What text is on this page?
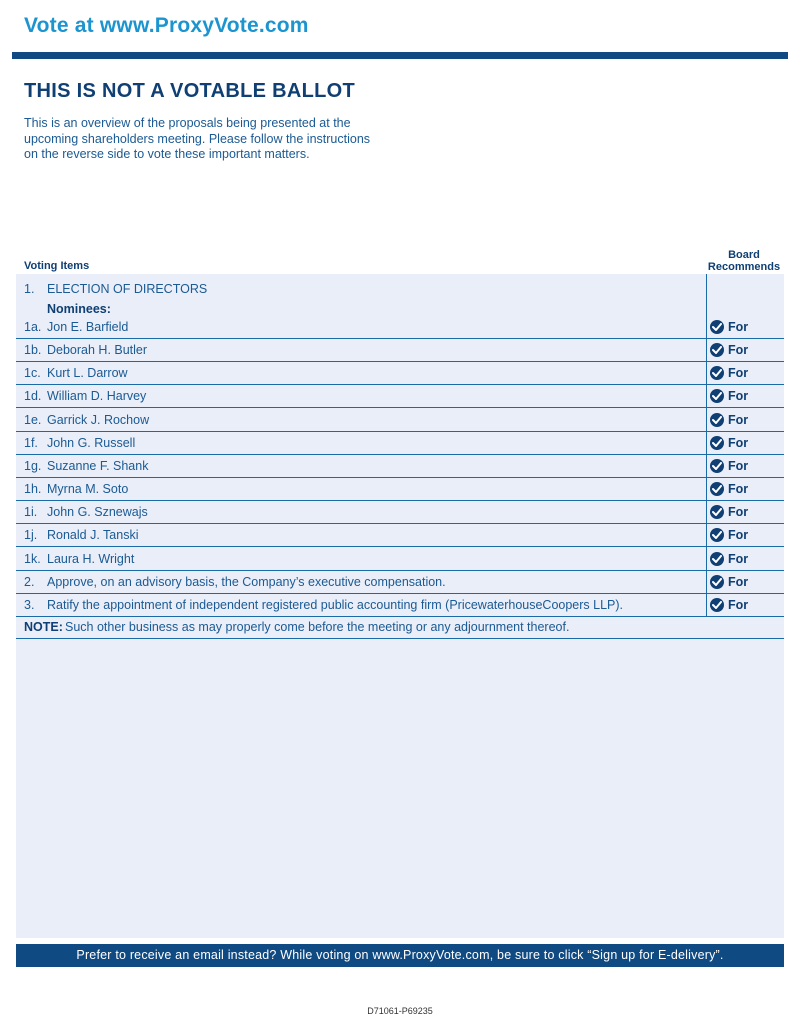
Vote at www.ProxyVote.com
THIS IS NOT A VOTABLE BALLOT
This is an overview of the proposals being presented at the upcoming shareholders meeting. Please follow the instructions on the reverse side to vote these important matters.
Voting Items
Board
Recommends
1. ELECTION OF DIRECTORS
Nominees:
1a. Jon E. Barfield	For
1b. Deborah H. Butler	For
1c. Kurt L. Darrow	For
1d. William D. Harvey	For
1e. Garrick J. Rochow	For
1f. John G. Russell	For
1g. Suzanne F. Shank	For
1h. Myrna M. Soto	For
1i. John G. Sznewajs	For
1j. Ronald J. Tanski	For
1k. Laura H. Wright	For
2. Approve, on an advisory basis, the Company’s executive compensation.	For
3. Ratify the appointment of independent registered public accounting firm (PricewaterhouseCoopers LLP).	For
NOTE: Such other business as may properly come before the meeting or any adjournment thereof.
Prefer to receive an email instead? While voting on www.ProxyVote.com, be sure to click “Sign up for E-delivery”.
D71061-P69235
